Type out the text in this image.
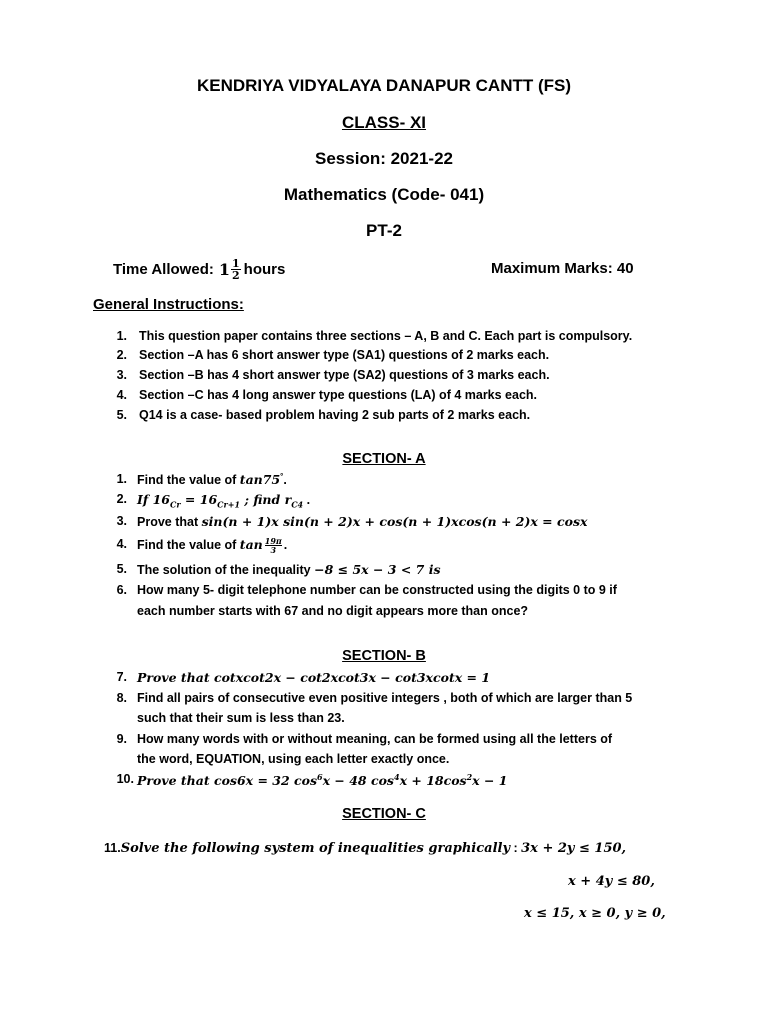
KENDRIYA VIDYALAYA DANAPUR CANTT (FS)
CLASS- XI
Session: 2021-22
Mathematics (Code- 041)
PT-2
Time Allowed: $1 \frac{1}{2}$ hours	Maximum Marks: 40
General Instructions:
1. This question paper contains three sections – A, B and C. Each part is compulsory.
2. Section –A has 6 short answer type (SA1) questions of 2 marks each.
3. Section –B has 4 short answer type (SA2) questions of 3 marks each.
4. Section –C has 4 long answer type questions (LA) of 4 marks each.
5. Q14 is a case- based problem having 2 sub parts of 2 marks each.
SECTION- A
1. Find the value of tan75°.
2. If $16_{Cr} = 16_{Cr+1}$ ; find $r_{C4}$ .
3. Prove that sin(n + 1)x sin(n + 2)x + cos(n + 1)xcos(n + 2)x = cosx
4. Find the value of $\tan \frac{19\pi}{3}$ .
5. The solution of the inequality −8 ≤ 5x − 3 < 7 is
6. How many 5- digit telephone number can be constructed using the digits 0 to 9 if
each number starts with 67 and no digit appears more than once?
SECTION- B
7. Prove that cotxcot2x − cot2xcot3x − cot3xcotx = 1
8. Find all pairs of consecutive even positive integers , both of which are larger than 5
such that their sum is less than 23.
9. How many words with or without meaning, can be formed using all the letters of
the word, EQUATION, using each letter exactly once.
10. Prove that cos6x = 32 $\cos^6x - 48$ $\cos^4x + 18\cos^2x - 1$
SECTION- C
11.Solve the following system of inequalities graphically : 3x + 2y ≤ 150,
x + 4y ≤ 80,
x ≤ 15, x ≥ 0, y ≥ 0,
